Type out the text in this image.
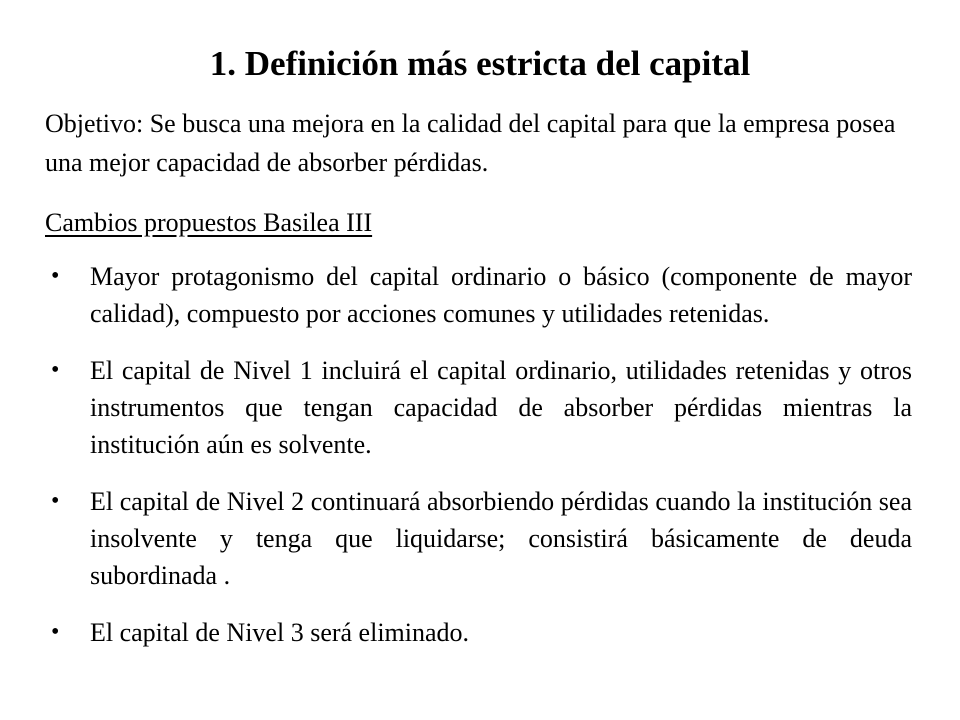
1. Definición más estricta del capital

Objetivo: Se busca una mejora en la calidad del capital para que la empresa posea una mejor capacidad de absorber pérdidas.

Cambios propuestos Basilea III

• Mayor protagonismo del capital ordinario o básico (componente de mayor calidad), compuesto por acciones comunes y utilidades retenidas.
• El capital de Nivel 1 incluirá el capital ordinario, utilidades retenidas y otros instrumentos que tengan capacidad de absorber pérdidas mientras la institución aún es solvente.
• El capital de Nivel 2 continuará absorbiendo pérdidas cuando la institución sea insolvente y tenga que liquidarse; consistirá básicamente de deuda subordinada .
• El capital de Nivel 3 será eliminado.
